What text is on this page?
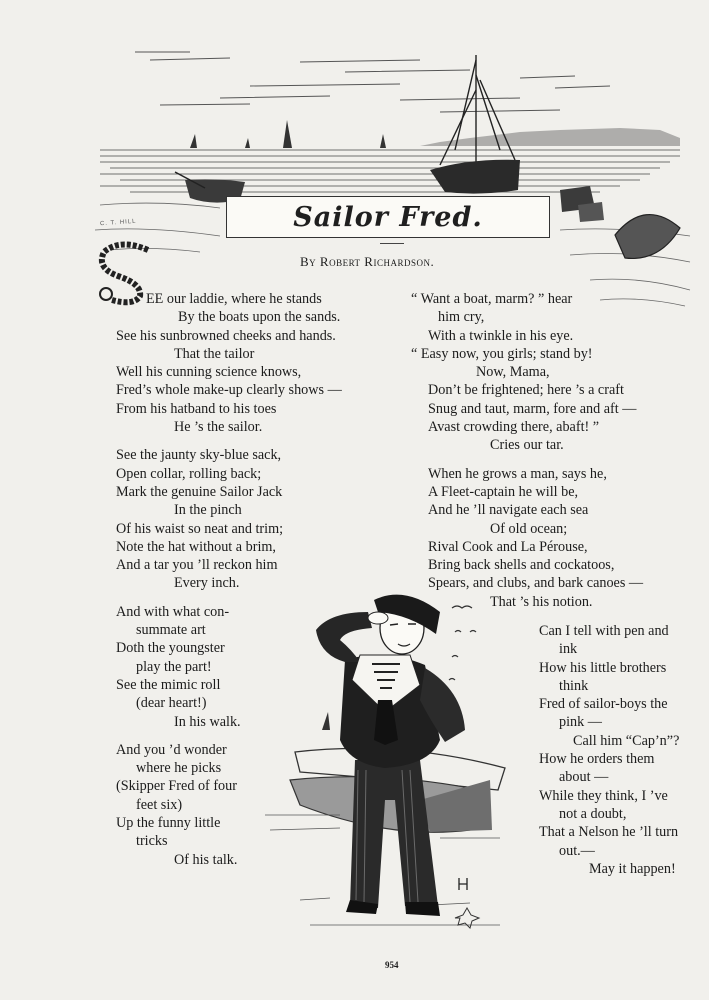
Sailor Fred.
By Robert Richardson.
C. T. HILL
EE our laddie, where he stands
By the boats upon the sands.
See his sunbrowned cheeks and hands.
That the tailor
Well his cunning science knows,
Fred’s whole make-up clearly shows —
From his hatband to his toes
He ’s the sailor.
See the jaunty sky-blue sack,
Open collar, rolling back;
Mark the genuine Sailor Jack
In the pinch
Of his waist so neat and trim;
Note the hat without a brim,
And a tar you ’ll reckon him
Every inch.
And with what con-
summate art
Doth the youngster
play the part!
See the mimic roll
(dear heart!)
In his walk.
And you ’d wonder
where he picks
(Skipper Fred of four
feet six)
Up the funny little
tricks
Of his talk.
“ Want a boat, marm? ” hear
him cry,
With a twinkle in his eye.
“ Easy now, you girls; stand by!
Now, Mama,
Don’t be frightened; here ’s a craft
Snug and taut, marm, fore and aft —
Avast crowding there, abaft! ”
Cries our tar.
When he grows a man, says he,
A Fleet-captain he will be,
And he ’ll navigate each sea
Of old ocean;
Rival Cook and La Pérouse,
Bring back shells and cockatoos,
Spears, and clubs, and bark canoes —
That ’s his notion.
Can I tell with pen and
ink
How his little brothers
think
Fred of sailor-boys the
pink —
Call him “Cap’n”?
How he orders them
about —
While they think, I ’ve
not a doubt,
That a Nelson he ’ll turn
out.—
May it happen!
954
